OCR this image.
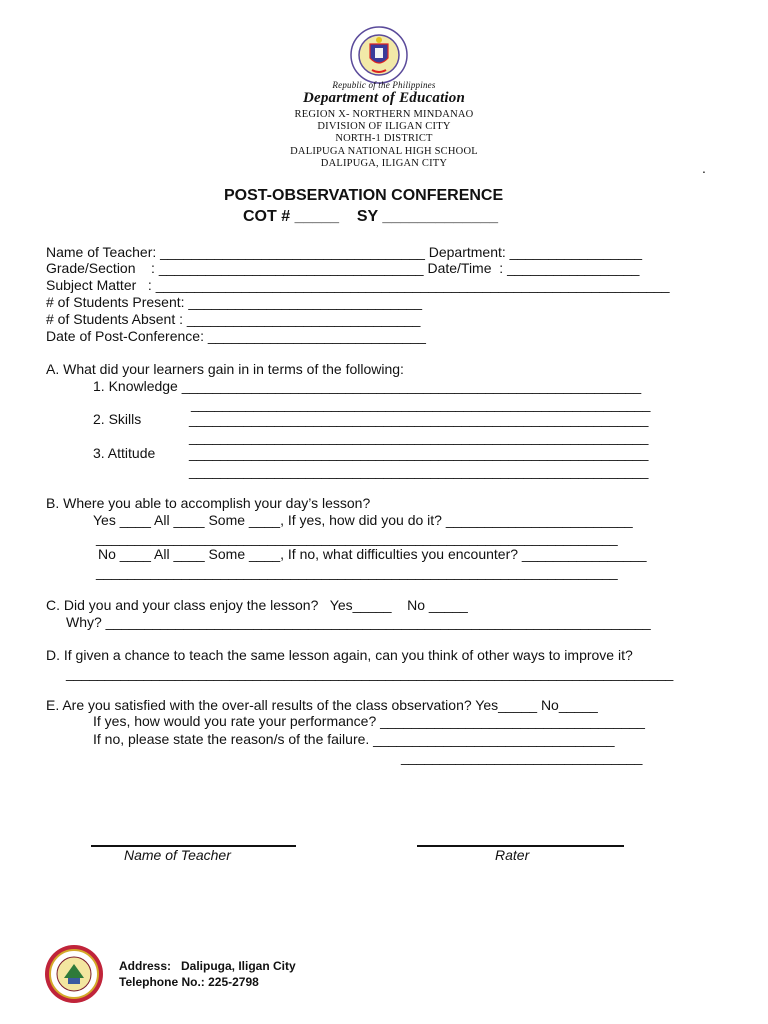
Republic of the Philippines
Department of Education
REGION X- NORTHERN MINDANAO
DIVISION OF ILIGAN CITY
NORTH-1 DISTRICT
DALIPUGA NATIONAL HIGH SCHOOL
DALIPUGA, ILIGAN CITY	.
POST-OBSERVATION CONFERENCE
COT # _____    SY _____________
Name of Teacher: __________________________________ Department: _________________
Grade/Section    : __________________________________ Date/Time  : _________________
Subject Matter   : __________________________________________________________________
# of Students Present: ______________________________
# of Students Absent : ______________________________
Date of Post-Conference: ____________________________
A. What did your learners gain in in terms of the following:
1. Knowledge ___________________________________________________________
___________________________________________________________
2. Skills	___________________________________________________________
___________________________________________________________
3. Attitude ___________________________________________________________
___________________________________________________________
B. Where you able to accomplish your day’s lesson?
Yes ____ All ____ Some ____, If yes, how did you do it? ________________________
___________________________________________________________________
No ____ All ____ Some ____, If no, what difficulties you encounter? ________________
___________________________________________________________________
C. Did you and your class enjoy the lesson?   Yes_____    No _____
Why? ______________________________________________________________________
D. If given a chance to teach the same lesson again, can you think of other ways to improve it?
______________________________________________________________________________
E. Are you satisfied with the over-all results of the class observation? Yes_____ No_____
If yes, how would you rate your performance? __________________________________
If no, please state the reason/s of the failure. _______________________________
_______________________________
Name of Teacher	Rater
Address: Dalipuga, Iligan City
Telephone No.: 225-2798
